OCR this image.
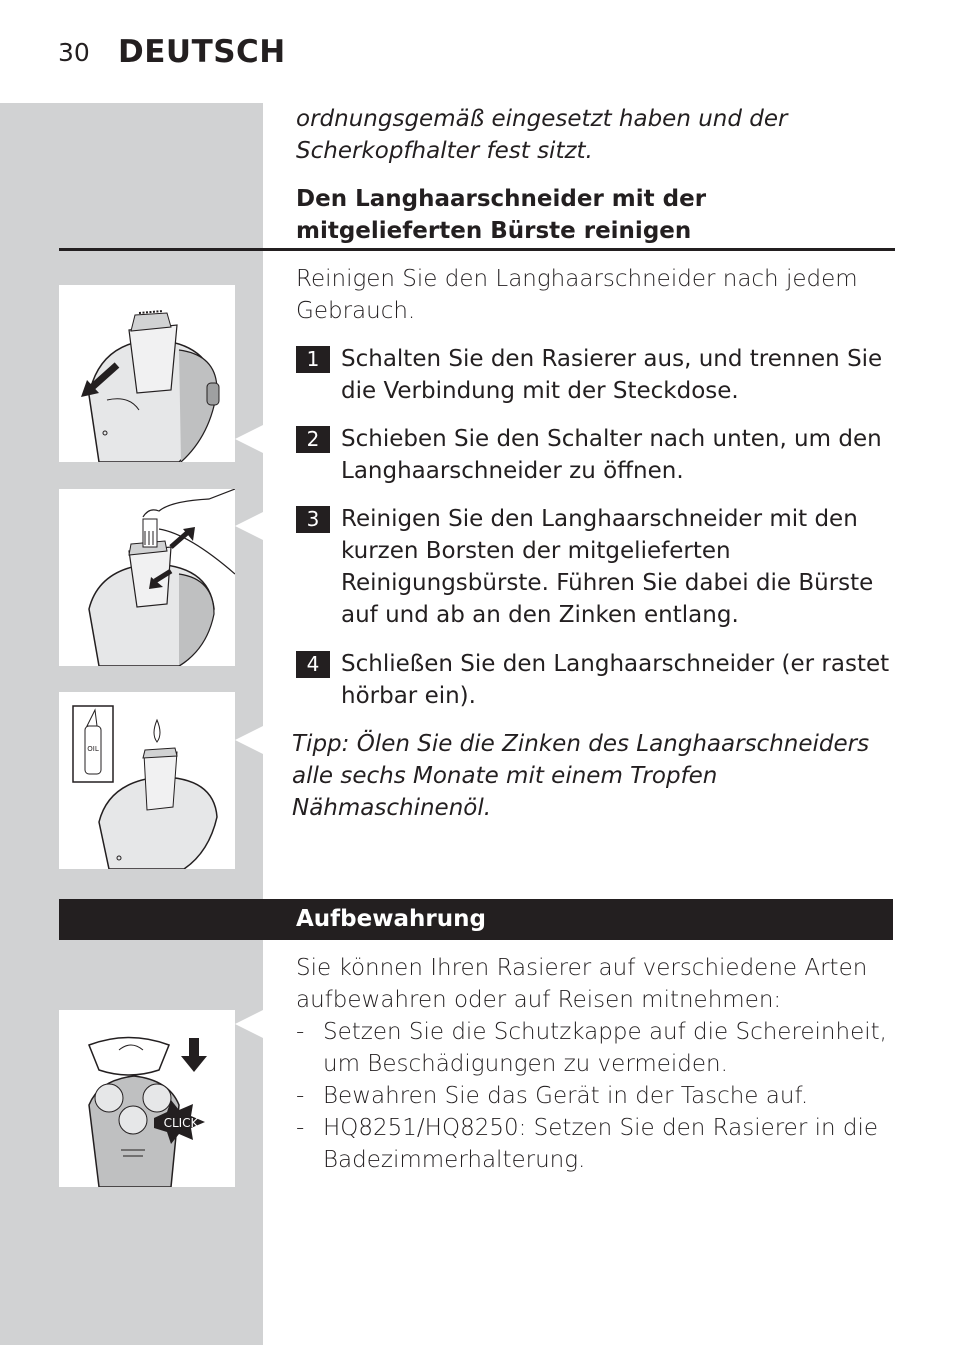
30 DEUTSCH

ordnungsgemäß eingesetzt haben und der
Scherkopfhalter fest sitzt.

Den Langhaarschneider mit der
mitgelieferten Bürste reinigen

Reinigen Sie den Langhaarschneider nach jedem Gebrauch.

1 Schalten Sie den Rasierer aus, und trennen Sie die Verbindung mit der Steckdose.
2 Schieben Sie den Schalter nach unten, um den Langhaarschneider zu öffnen.
3 Reinigen Sie den Langhaarschneider mit den kurzen Borsten der mitgelieferten Reinigungsbürste. Führen Sie dabei die Bürste auf und ab an den Zinken entlang.
4 Schließen Sie den Langhaarschneider (er rastet hörbar ein).
Tipp: Ölen Sie die Zinken des Langhaarschneiders alle sechs Monate mit einem Tropfen Nähmaschinenöl.
Aufbewahrung

Sie können Ihren Rasierer auf verschiedene Arten aufbewahren oder auf Reisen mitnehmen:

- Setzen Sie die Schutzkappe auf die Schereinheit, um Beschädigungen zu vermeiden.
- Bewahren Sie das Gerät in der Tasche auf.
- HQ8251/HQ8250: Setzen Sie den Rasierer in die Badezimmerhalterung.
OIL
CLICK
